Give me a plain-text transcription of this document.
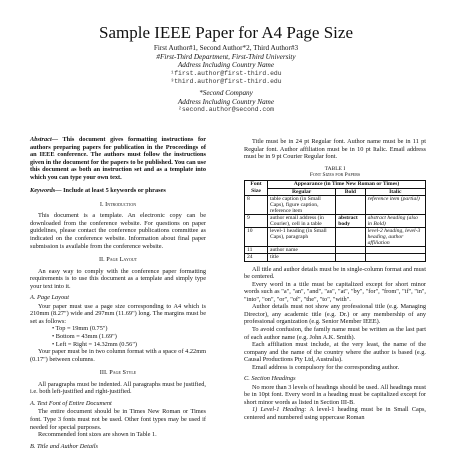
Sample IEEE Paper for A4 Page Size
First Author#1, Second Author*2, Third Author#3
#First-Third Department, First-Third University
Address Including Country Name
¹first.author@first-third.edu
³third.author@first-third.edu
*Second Company
Address Including Country Name
²second.author@second.com

Abstract— This document gives formatting instructions for authors preparing papers for publication in the Proceedings of an IEEE conference. The authors must follow the instructions given in the document for the papers to be published. You can use this document as both an instruction set and as a template into which you can type your own text.

Keywords— Include at least 5 keywords or phrases

I. Introduction

This document is a template. An electronic copy can be downloaded from the conference website. For questions on paper guidelines, please contact the conference publications committee as indicated on the conference website. Information about final paper submission is available from the conference website.

II. Page Layout

An easy way to comply with the conference paper formatting requirements is to use this document as a template and simply type your text into it.

A. Page Layout

Your paper must use a page size corresponding to A4 which is 210mm (8.27") wide and 297mm (11.69") long. The margins must be set as follows:

• Top = 19mm (0.75")
• Bottom = 43mm (1.69")
• Left = Right = 14.32mm (0.56")

Your paper must be in two column format with a space of 4.22mm (0.17") between columns.

III. Page Style

All paragraphs must be indented. All paragraphs must be justified, i.e. both left-justified and right-justified.

A. Text Font of Entire Document

The entire document should be in Times New Roman or Times font. Type 3 fonts must not be used. Other font types may be used if needed for special purposes.

Recommended font sizes are shown in Table 1.

B. Title and Author Details

Title must be in 24 pt Regular font. Author name must be in 11 pt Regular font. Author affiliation must be in 10 pt Italic. Email address must be in 9 pt Courier Regular font.

TABLE I
Font Sizes for Papers
Font Size	Appearance (in Time New Roman or Times)		
	Regular	Bold	Italic
8	table caption (in Small Caps), figure caption, reference item		reference item (partial)
9	author email address (in Courier), cell in a table	abstract body	abstract heading (also in Bold)
10	level-1 heading (in Small Caps), paragraph		level-2 heading, level-3 heading, author affiliation
11	author name		
24	title		

All title and author details must be in single-column format and must be centered.

Every word in a title must be capitalized except for short minor words such as "a", "an", "and", "as", "at", "by", "for", "from", "if", "in", "into", "on", "or", "of", "the", "to", "with".

Author details must not show any professional title (e.g. Managing Director), any academic title (e.g. Dr.) or any membership of any professional organization (e.g. Senior Member IEEE).

To avoid confusion, the family name must be written as the last part of each author name (e.g. John A.K. Smith).

Each affiliation must include, at the very least, the name of the company and the name of the country where the author is based (e.g. Causal Productions Pty Ltd, Australia).

Email address is compulsory for the corresponding author.

C. Section Headings

No more than 3 levels of headings should be used. All headings must be in 10pt font. Every word in a heading must be capitalized except for short minor words as listed in Section III-B.

1) Level-1 Heading: A level-1 heading must be in Small Caps, centered and numbered using uppercase Roman
